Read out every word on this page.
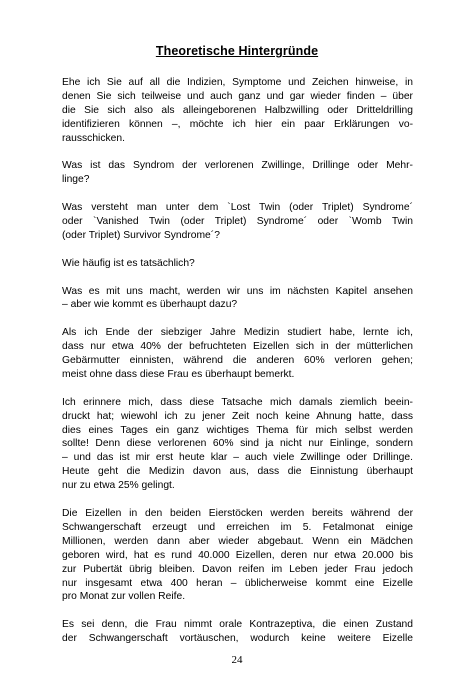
Theoretische Hintergründe
Ehe ich Sie auf all die Indizien, Symptome und Zeichen hinweise, in
denen Sie sich teilweise und auch ganz und gar wieder finden – über
die Sie sich also als alleingeborenen Halbzwilling oder Dritteldrilling
identifizieren können –, möchte ich hier ein paar Erklärungen vo-
rausschicken.
Was ist das Syndrom der verlorenen Zwillinge, Drillinge oder Mehr-
linge?
Was versteht man unter dem `Lost Twin (oder Triplet) Syndrome´
oder `Vanished Twin (oder Triplet) Syndrome´ oder `Womb Twin
(oder Triplet) Survivor Syndrome´?
Wie häufig ist es tatsächlich?
Was es mit uns macht, werden wir uns im nächsten Kapitel ansehen
– aber wie kommt es überhaupt dazu?
Als ich Ende der siebziger Jahre Medizin studiert habe, lernte ich,
dass nur etwa 40% der befruchteten Eizellen sich in der mütterlichen
Gebärmutter einnisten, während die anderen 60% verloren gehen;
meist ohne dass diese Frau es überhaupt bemerkt.
Ich erinnere mich, dass diese Tatsache mich damals ziemlich beein-
druckt hat; wiewohl ich zu jener Zeit noch keine Ahnung hatte, dass
dies eines Tages ein ganz wichtiges Thema für mich selbst werden
sollte! Denn diese verlorenen 60% sind ja nicht nur Einlinge, sondern
– und das ist mir erst heute klar – auch viele Zwillinge oder Drillinge.
Heute geht die Medizin davon aus, dass die Einnistung überhaupt
nur zu etwa 25% gelingt.
Die Eizellen in den beiden Eierstöcken werden bereits während der
Schwangerschaft erzeugt und erreichen im 5. Fetalmonat einige
Millionen, werden dann aber wieder abgebaut. Wenn ein Mädchen
geboren wird, hat es rund 40.000 Eizellen, deren nur etwa 20.000 bis
zur Pubertät übrig bleiben. Davon reifen im Leben jeder Frau jedoch
nur insgesamt etwa 400 heran – üblicherweise kommt eine Eizelle
pro Monat zur vollen Reife.
Es sei denn, die Frau nimmt orale Kontrazeptiva, die einen Zustand
der Schwangerschaft vortäuschen, wodurch keine weitere Eizelle
24
